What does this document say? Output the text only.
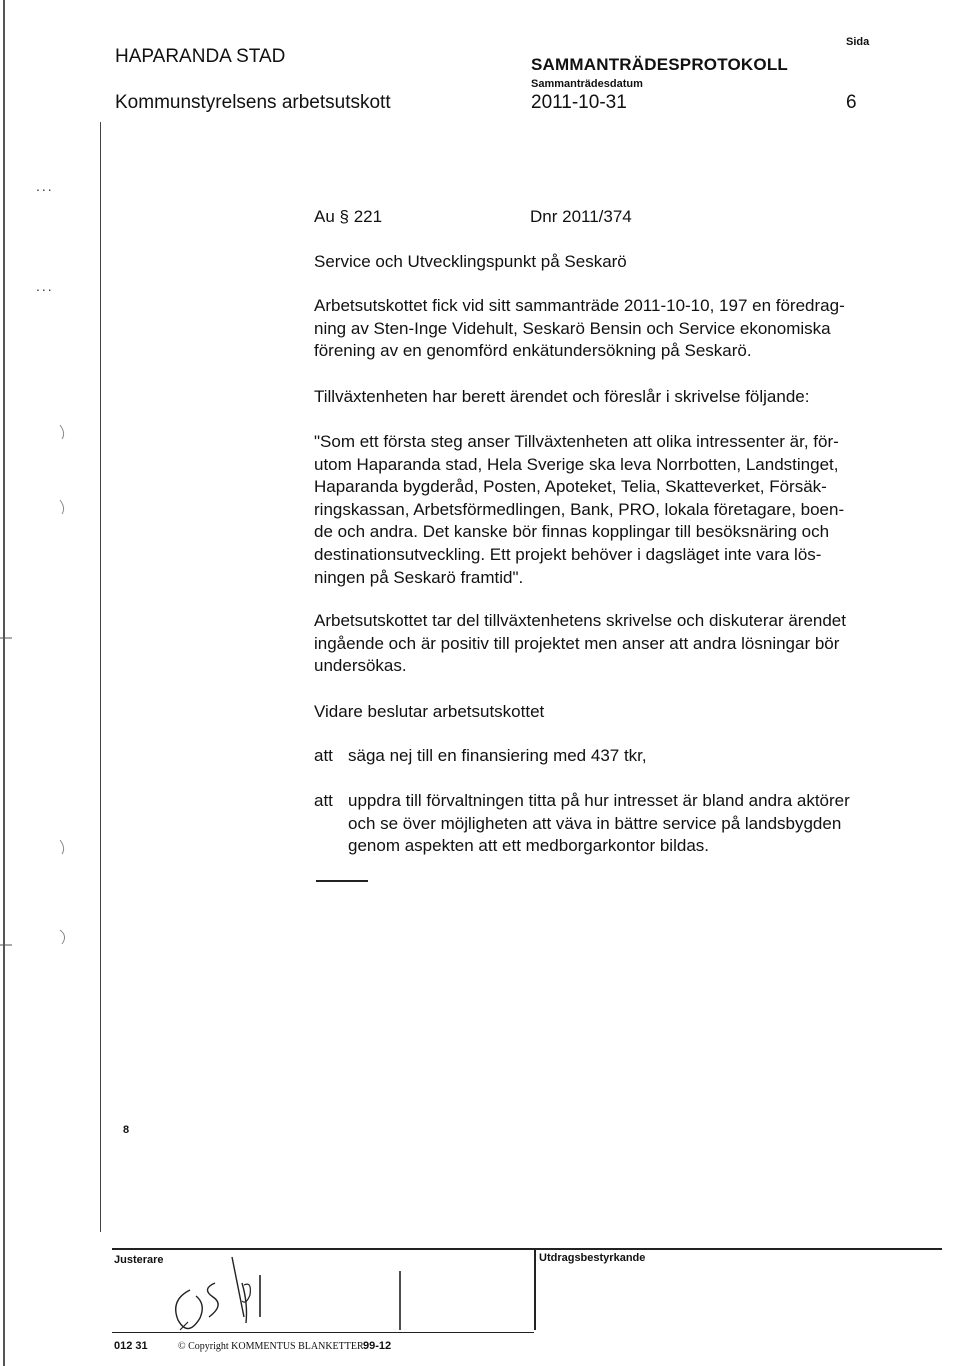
HAPARANDA STAD
Kommunstyrelsens arbetsutskott
SAMMANTRÄDESPROTOKOLL
Sammanträdesdatum
2011-10-31
Sida
6
...
...
Au § 221	Dnr 2011/374
Service och Utvecklingspunkt på Seskarö
Arbetsutskottet fick vid sitt sammanträde 2011-10-10, 197 en föredrag-
ning av Sten-Inge Videhult, Seskarö Bensin och Service ekonomiska
förening av en genomförd enkätundersökning på Seskarö.
Tillväxtenheten har berett ärendet och föreslår i skrivelse följande:
"Som ett första steg anser Tillväxtenheten att olika intressenter är, för-
utom Haparanda stad, Hela Sverige ska leva Norrbotten, Landstinget,
Haparanda bygderåd, Posten, Apoteket, Telia, Skatteverket, Försäk-
ringskassan, Arbetsförmedlingen, Bank, PRO, lokala företagare, boen-
de och andra. Det kanske bör finnas kopplingar till besöksnäring och
destinationsutveckling. Ett projekt behöver i dagsläget inte vara lös-
ningen på Seskarö framtid".
Arbetsutskottet tar del tillväxtenhetens skrivelse och diskuterar ärendet
ingående och är positiv till projektet men anser att andra lösningar bör
undersökas.
Vidare beslutar arbetsutskottet
att säga nej till en finansiering med 437 tkr,
att uppdra till förvaltningen titta på hur intresset är bland andra aktörer
och se över möjligheten att väva in bättre service på landsbygden
genom aspekten att ett medborgarkontor bildas.
8
Justerare	Utdragsbestyrkande
012 31	© Copyright KOMMENTUS BLANKETTER 99-12
